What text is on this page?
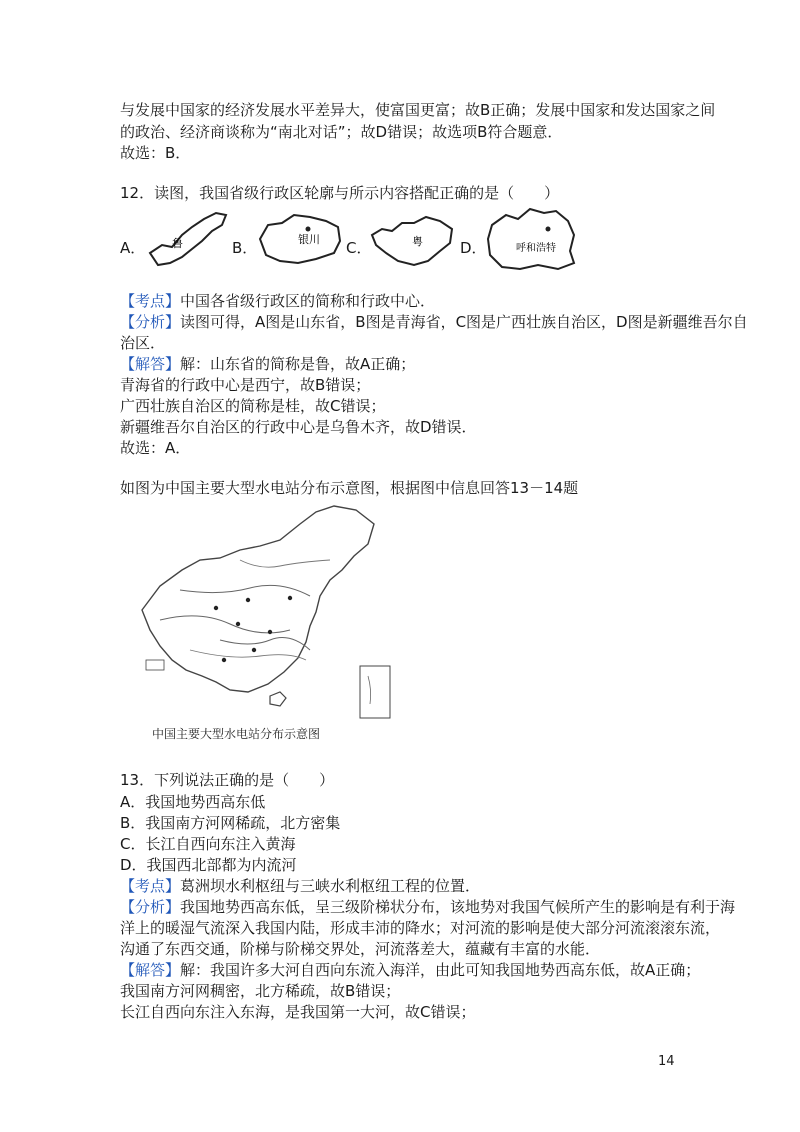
与发展中国家的经济发展水平差异大，使富国更富；故B正确；发展中国家和发达国家之间
的政治、经济商谈称为“南北对话”；故D错误；故选项B符合题意．
故选：B．
12．读图，我国省级行政区轮廓与所示内容搭配正确的是（　　）
A． 鲁	B．	银川 C．	粤 D．	呼和浩特
【考点】中国各省级行政区的简称和行政中心．
【分析】读图可得，A图是山东省，B图是青海省，C图是广西壮族自治区，D图是新疆维吾尔自
治区．
【解答】解：山东省的简称是鲁，故A正确；
青海省的行政中心是西宁，故B错误；
广西壮族自治区的简称是桂，故C错误；
新疆维吾尔自治区的行政中心是乌鲁木齐，故D错误．
故选：A．
如图为中国主要大型水电站分布示意图，根据图中信息回答13－14题
中国主要大型水电站分布示意图
13．下列说法正确的是（　　）
A．我国地势西高东低
B．我国南方河网稀疏，北方密集
C．长江自西向东注入黄海
D．我国西北部都为内流河
【考点】葛洲坝水利枢纽与三峡水利枢纽工程的位置．
【分析】我国地势西高东低，呈三级阶梯状分布，该地势对我国气候所产生的影响是有利于海
洋上的暖湿气流深入我国内陆，形成丰沛的降水；对河流的影响是使大部分河流滚滚东流，
沟通了东西交通，阶梯与阶梯交界处，河流落差大，蕴藏有丰富的水能．
【解答】解：我国许多大河自西向东流入海洋，由此可知我国地势西高东低，故A正确；
我国南方河网稠密，北方稀疏，故B错误；
长江自西向东注入东海，是我国第一大河，故C错误；
14
